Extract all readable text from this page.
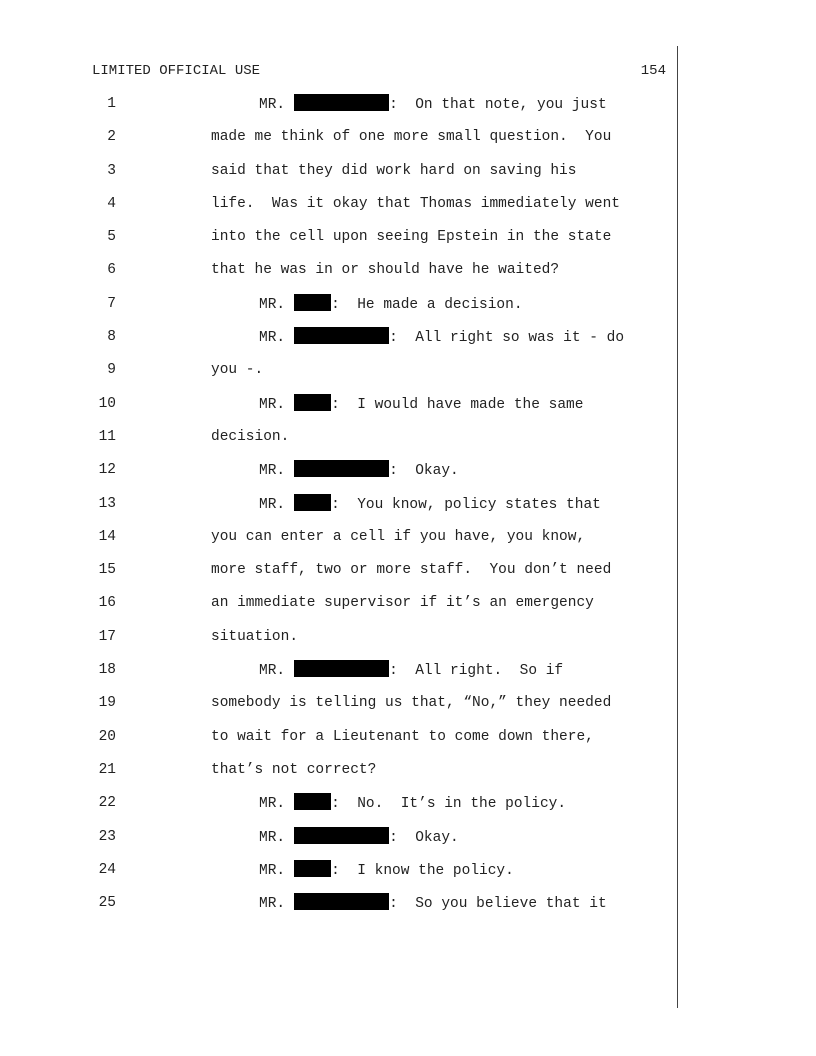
LIMITED OFFICIAL USE	154
1	MR.	:  On that note, you just
2	made me think of one more small question.  You
3	said that they did work hard on saving his
4	life.  Was it okay that Thomas immediately went
5	into the cell upon seeing Epstein in the state
6	that he was in or should have he waited?
7	MR.	:  He made a decision.
8	MR.	:  All right so was it - do
9	you -.
10	MR.	:  I would have made the same
11	decision.
12	MR.	:  Okay.
13	MR.	:  You know, policy states that
14	you can enter a cell if you have, you know,
15	more staff, two or more staff.  You don’t need
16	an immediate supervisor if it’s an emergency
17	situation.
18	MR.	:  All right.  So if
19	somebody is telling us that, “No,” they needed
20	to wait for a Lieutenant to come down there,
21	that’s not correct?
22	MR.	:  No.  It’s in the policy.
23	MR.	:  Okay.
24	MR.	:  I know the policy.
25	MR.	:  So you believe that it
